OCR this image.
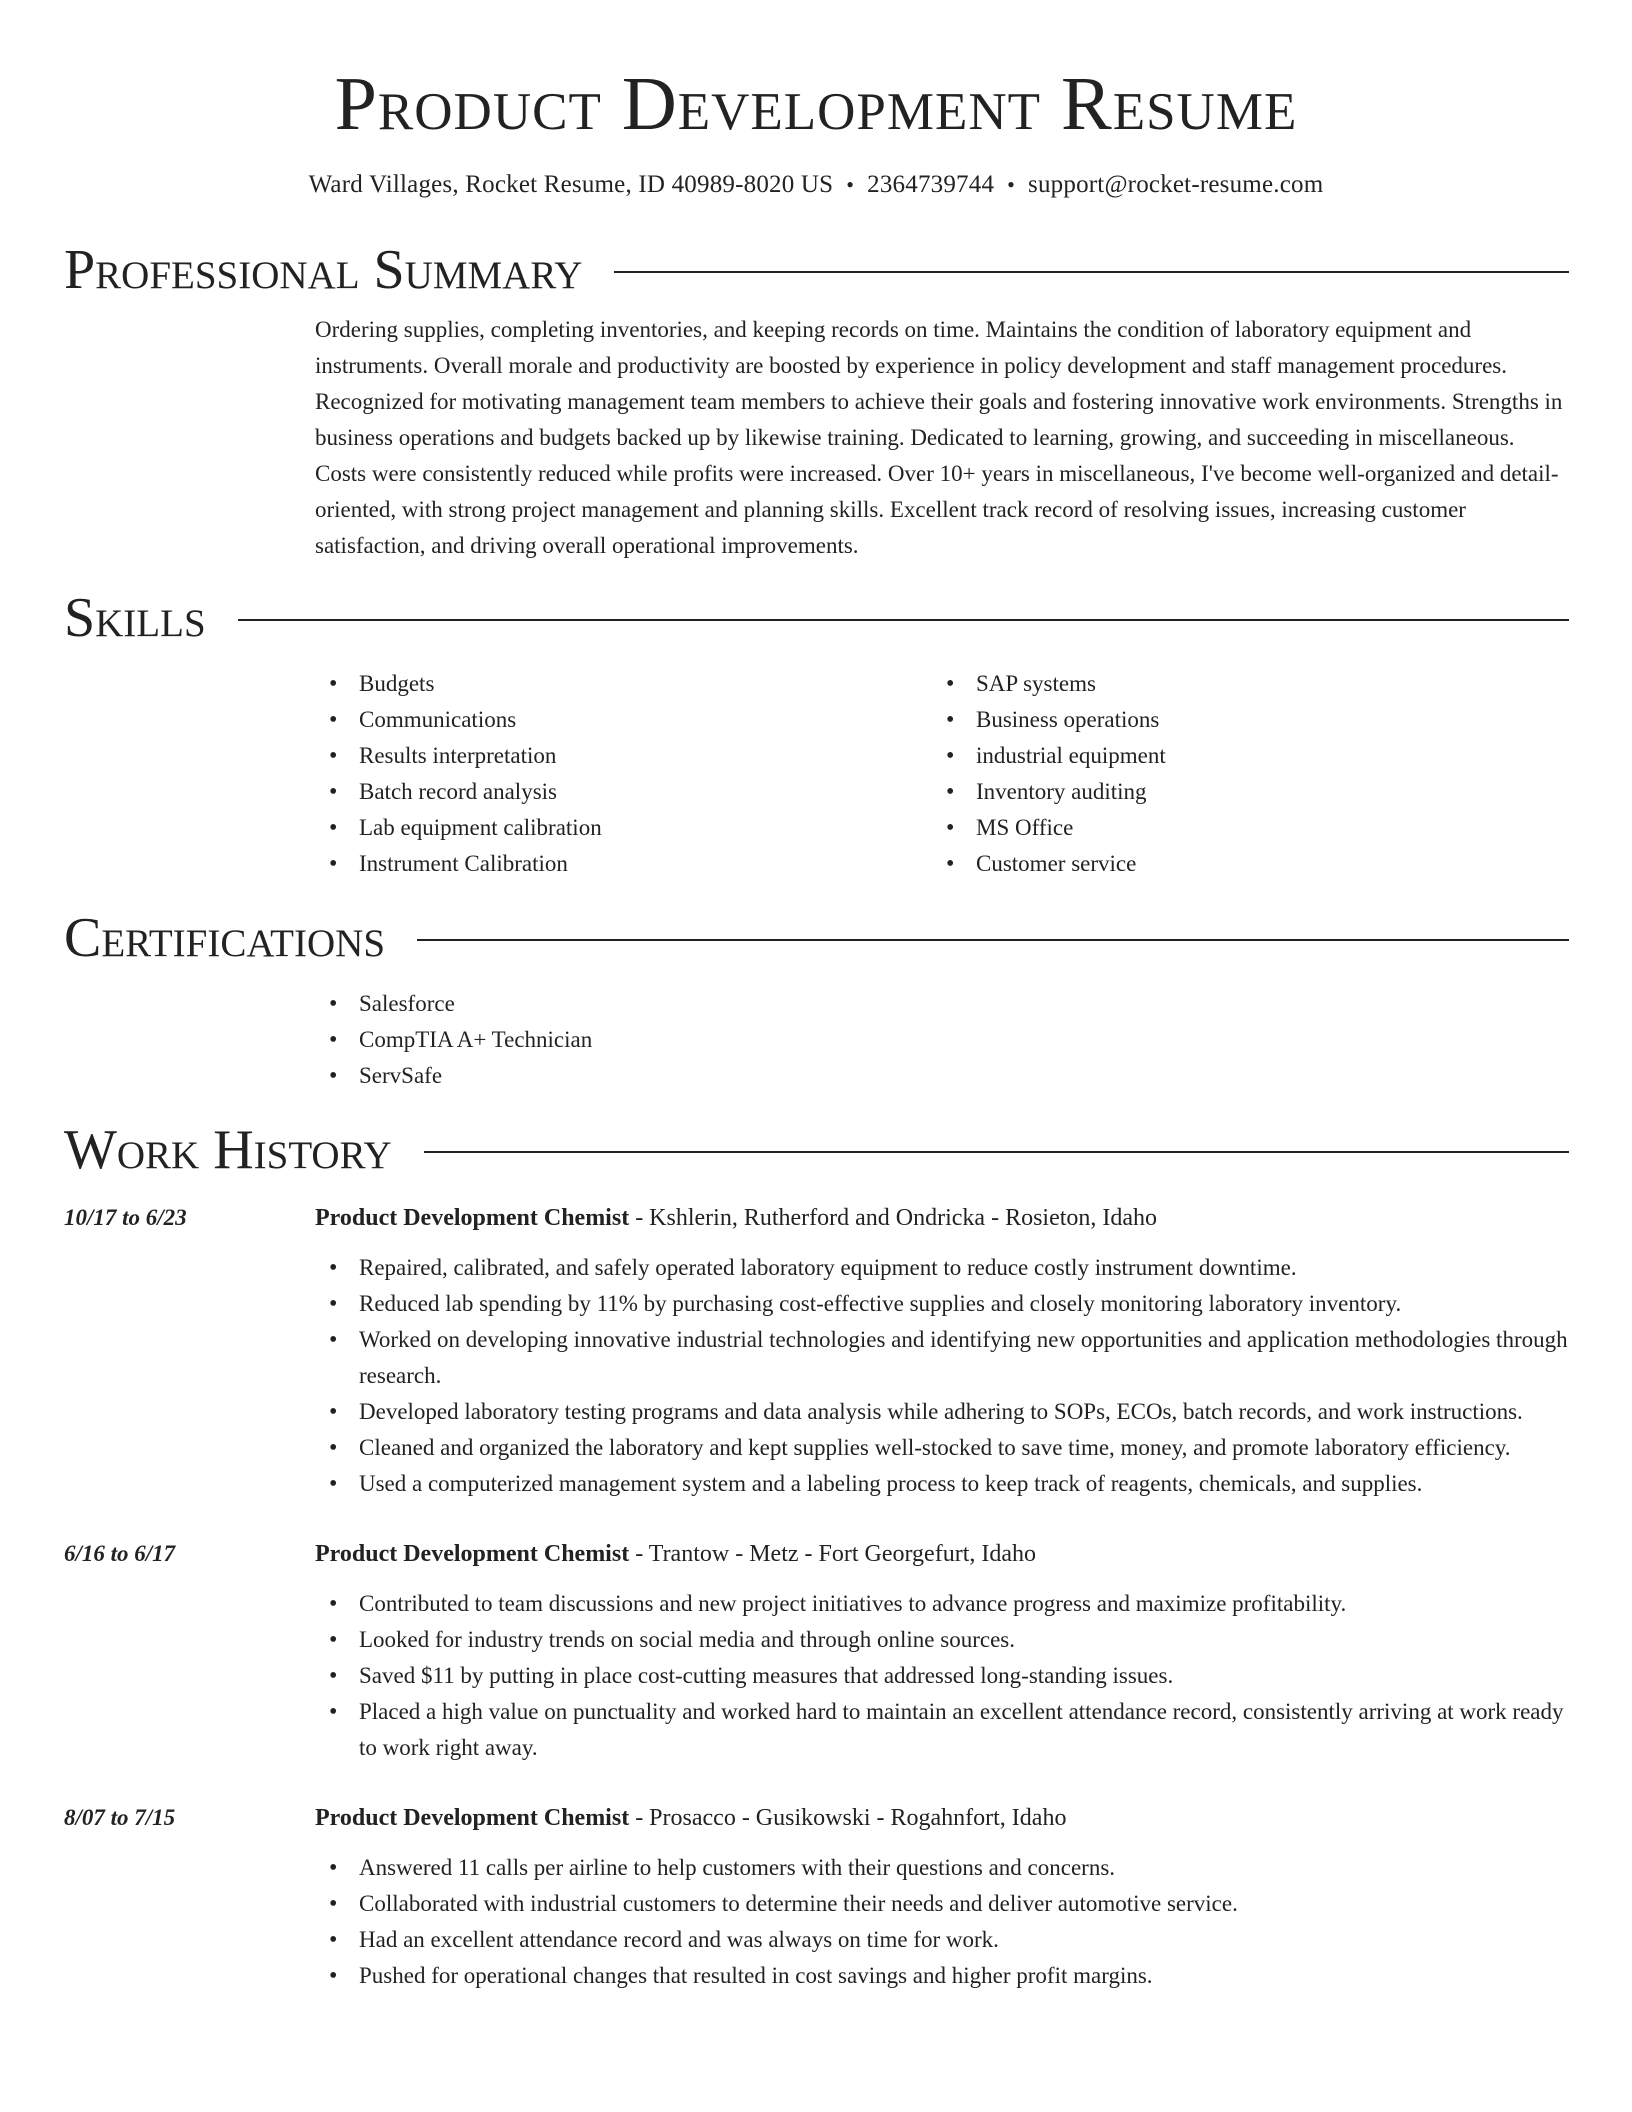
Product Development Resume
Ward Villages, Rocket Resume, ID 40989-8020 US • 2364739744 • support@rocket-resume.com
Professional Summary

Ordering supplies, completing inventories, and keeping records on time. Maintains the condition of laboratory equipment and instruments. Overall morale and productivity are boosted by experience in policy development and staff management procedures. Recognized for motivating management team members to achieve their goals and fostering innovative work environments. Strengths in business operations and budgets backed up by likewise training. Dedicated to learning, growing, and succeeding in miscellaneous. Costs were consistently reduced while profits were increased. Over 10+ years in miscellaneous, I've become well-organized and detail-oriented, with strong project management and planning skills. Excellent track record of resolving issues, increasing customer satisfaction, and driving overall operational improvements.

Skills
• Budgets
• Communications
• Results interpretation
• Batch record analysis
• Lab equipment calibration
• Instrument Calibration
• SAP systems
• Business operations
• industrial equipment
• Inventory auditing
• MS Office
• Customer service
Certifications
• Salesforce
• CompTIA A+ Technician
• ServSafe
Work History
10/17 to 6/23	Product Development Chemist - Kshlerin, Rutherford and Ondricka - Rosieton, Idaho
• Repaired, calibrated, and safely operated laboratory equipment to reduce costly instrument downtime.
• Reduced lab spending by 11% by purchasing cost-effective supplies and closely monitoring laboratory inventory.
• Worked on developing innovative industrial technologies and identifying new opportunities and application methodologies through research.
• Developed laboratory testing programs and data analysis while adhering to SOPs, ECOs, batch records, and work instructions.
• Cleaned and organized the laboratory and kept supplies well-stocked to save time, money, and promote laboratory efficiency.
• Used a computerized management system and a labeling process to keep track of reagents, chemicals, and supplies.
6/16 to 6/17	Product Development Chemist - Trantow - Metz - Fort Georgefurt, Idaho
• Contributed to team discussions and new project initiatives to advance progress and maximize profitability.
• Looked for industry trends on social media and through online sources.
• Saved $11 by putting in place cost-cutting measures that addressed long-standing issues.
• Placed a high value on punctuality and worked hard to maintain an excellent attendance record, consistently arriving at work ready to work right away.
8/07 to 7/15	Product Development Chemist - Prosacco - Gusikowski - Rogahnfort, Idaho
• Answered 11 calls per airline to help customers with their questions and concerns.
• Collaborated with industrial customers to determine their needs and deliver automotive service.
• Had an excellent attendance record and was always on time for work.
• Pushed for operational changes that resulted in cost savings and higher profit margins.
